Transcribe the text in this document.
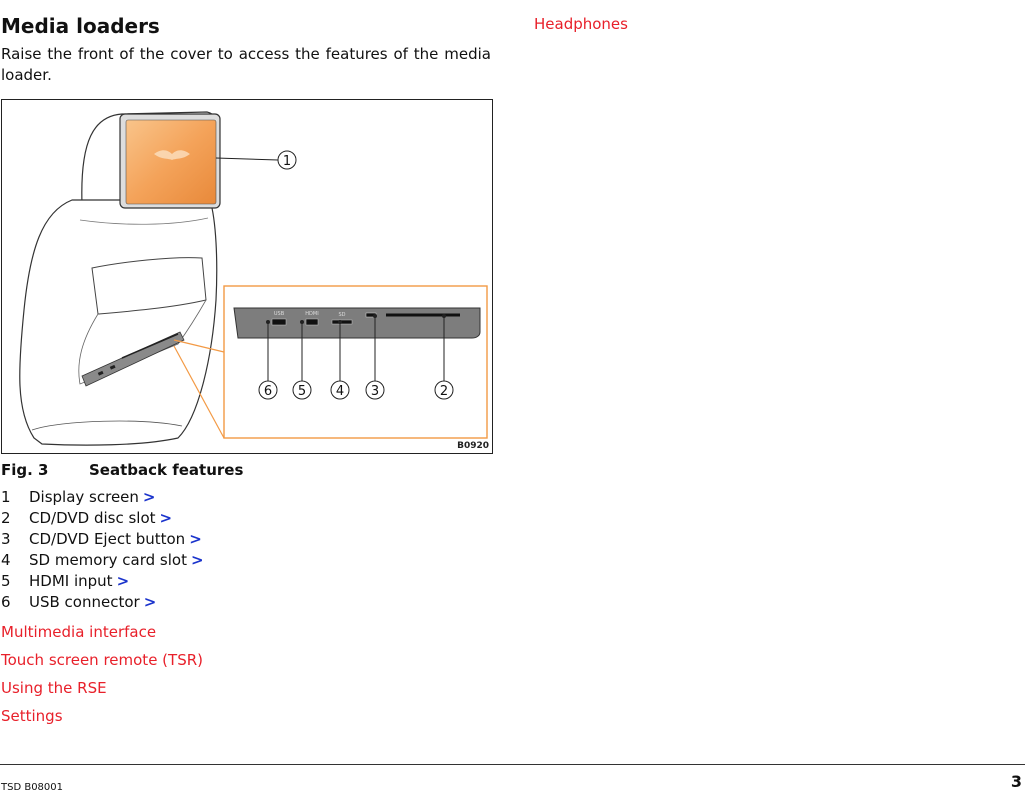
Media loaders

Raise the front of the cover to access the features of the media loader.

1
USB	HDMI	SD
6 5 4 3	2
B0920
Fig. 3	Seatback features
1 Display screen >
2 CD/DVD disc slot >
3 CD/DVD Eject button >
4 SD memory card slot >
5 HDMI input >
6 USB connector >
Multimedia interface
Touch screen remote (TSR)
Using the RSE
Settings
Headphones
TSD B08001	3
